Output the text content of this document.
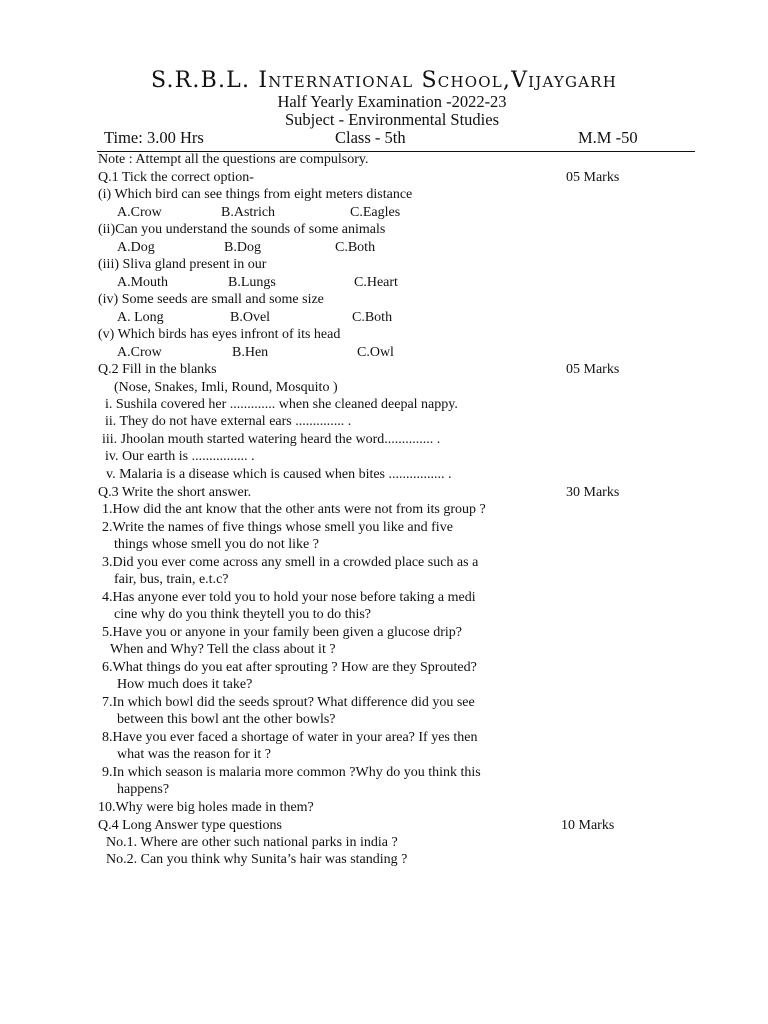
S.R.B.L. International School,Vijaygarh
Half Yearly Examination -2022-23
Subject - Environmental Studies
Time: 3.00 Hrs	Class - 5th	M.M -50
Note : Attempt all the questions are compulsory.
Q.1 Tick the correct option-	05 Marks
(i) Which bird can see things from eight meters distance
A.Crow	B.Astrich	C.Eagles
(ii)Can you understand the sounds of some animals
A.Dog	B.Dog	C.Both
(iii) Sliva gland present in our
A.Mouth	B.Lungs	C.Heart
(iv) Some seeds are small and some size
A. Long	B.Ovel	C.Both
(v) Which birds has eyes infront of its head
A.Crow	B.Hen	C.Owl
Q.2 Fill in the blanks	05 Marks
(Nose, Snakes, Imli, Round, Mosquito )
i. Sushila covered her ............. when she cleaned deepal nappy.
ii. They do not have external ears .............. .
iii. Jhoolan mouth started watering heard the word.............. .
iv. Our earth is ................ .
v. Malaria is a disease which is caused when bites ................ .
Q.3 Write the short answer.	30 Marks
1.How did the ant know that the other ants were not from its group ?
2.Write the names of five things whose smell you like and five
things whose smell you do not like ?
3.Did you ever come across any smell in a crowded place such as a
fair, bus, train, e.t.c?
4.Has anyone ever told you to hold your nose before taking a medi
cine why do you think theytell you to do this?
5.Have you or anyone in your family been given a glucose drip?
When and Why? Tell the class about it ?
6.What things do you eat after sprouting ? How are they Sprouted?
How much does it take?
7.In which bowl did the seeds sprout? What difference did you see
between this bowl ant the other bowls?
8.Have you ever faced a shortage of water in your area? If yes then
what was the reason for it ?
9.In which season is malaria more common ?Why do you think this
happens?
10.Why were big holes made in them?
Q.4 Long Answer type questions	10 Marks
No.1. Where are other such national parks in india ?
No.2. Can you think why Sunita’s hair was standing ?
